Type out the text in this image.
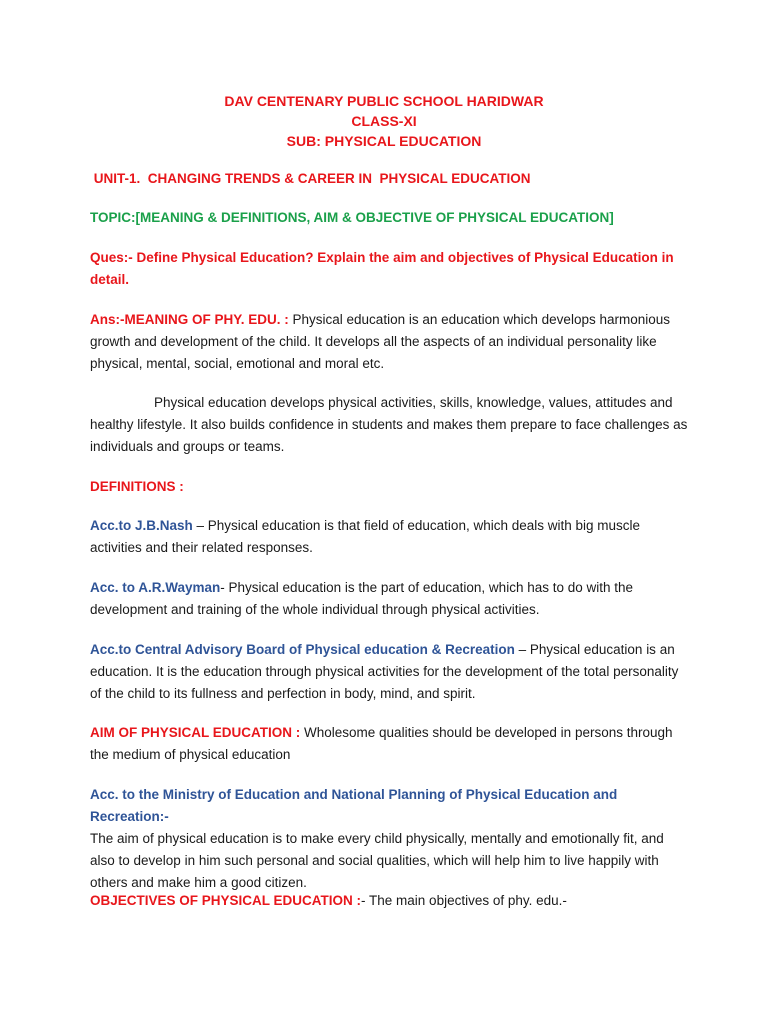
DAV CENTENARY PUBLIC SCHOOL HARIDWAR
CLASS-XI
SUB: PHYSICAL EDUCATION
UNIT-1.  CHANGING TRENDS & CAREER IN  PHYSICAL EDUCATION
TOPIC:[MEANING & DEFINITIONS, AIM & OBJECTIVE OF PHYSICAL EDUCATION]
Ques:- Define Physical Education? Explain the aim and objectives of Physical Education in detail.
Ans:-MEANING OF PHY. EDU. : Physical education is an education which develops harmonious growth and development of the child. It develops all the aspects of an individual personality like physical, mental, social, emotional and moral etc.
Physical education develops physical activities, skills, knowledge, values, attitudes and healthy lifestyle. It also builds confidence in students and makes them prepare to face challenges as individuals and groups or teams.
DEFINITIONS :
Acc.to J.B.Nash – Physical education is that field of education, which deals with big muscle activities and their related responses.
Acc. to A.R.Wayman- Physical education is the part of education, which has to do with the development and training of the whole individual through physical activities.
Acc.to Central Advisory Board of Physical education & Recreation – Physical education is an education. It is the education through physical activities for the development of the total personality of the child to its fullness and perfection in body, mind, and spirit.
AIM OF PHYSICAL EDUCATION : Wholesome qualities should be developed in persons through the medium of physical education
Acc. to the Ministry of Education and National Planning of Physical Education and Recreation:-
The aim of physical education is to make every child physically, mentally and emotionally fit, and also to develop in him such personal and social qualities, which will help him to live happily with others and make him a good citizen.
OBJECTIVES OF PHYSICAL EDUCATION :- The main objectives of phy. edu.-
